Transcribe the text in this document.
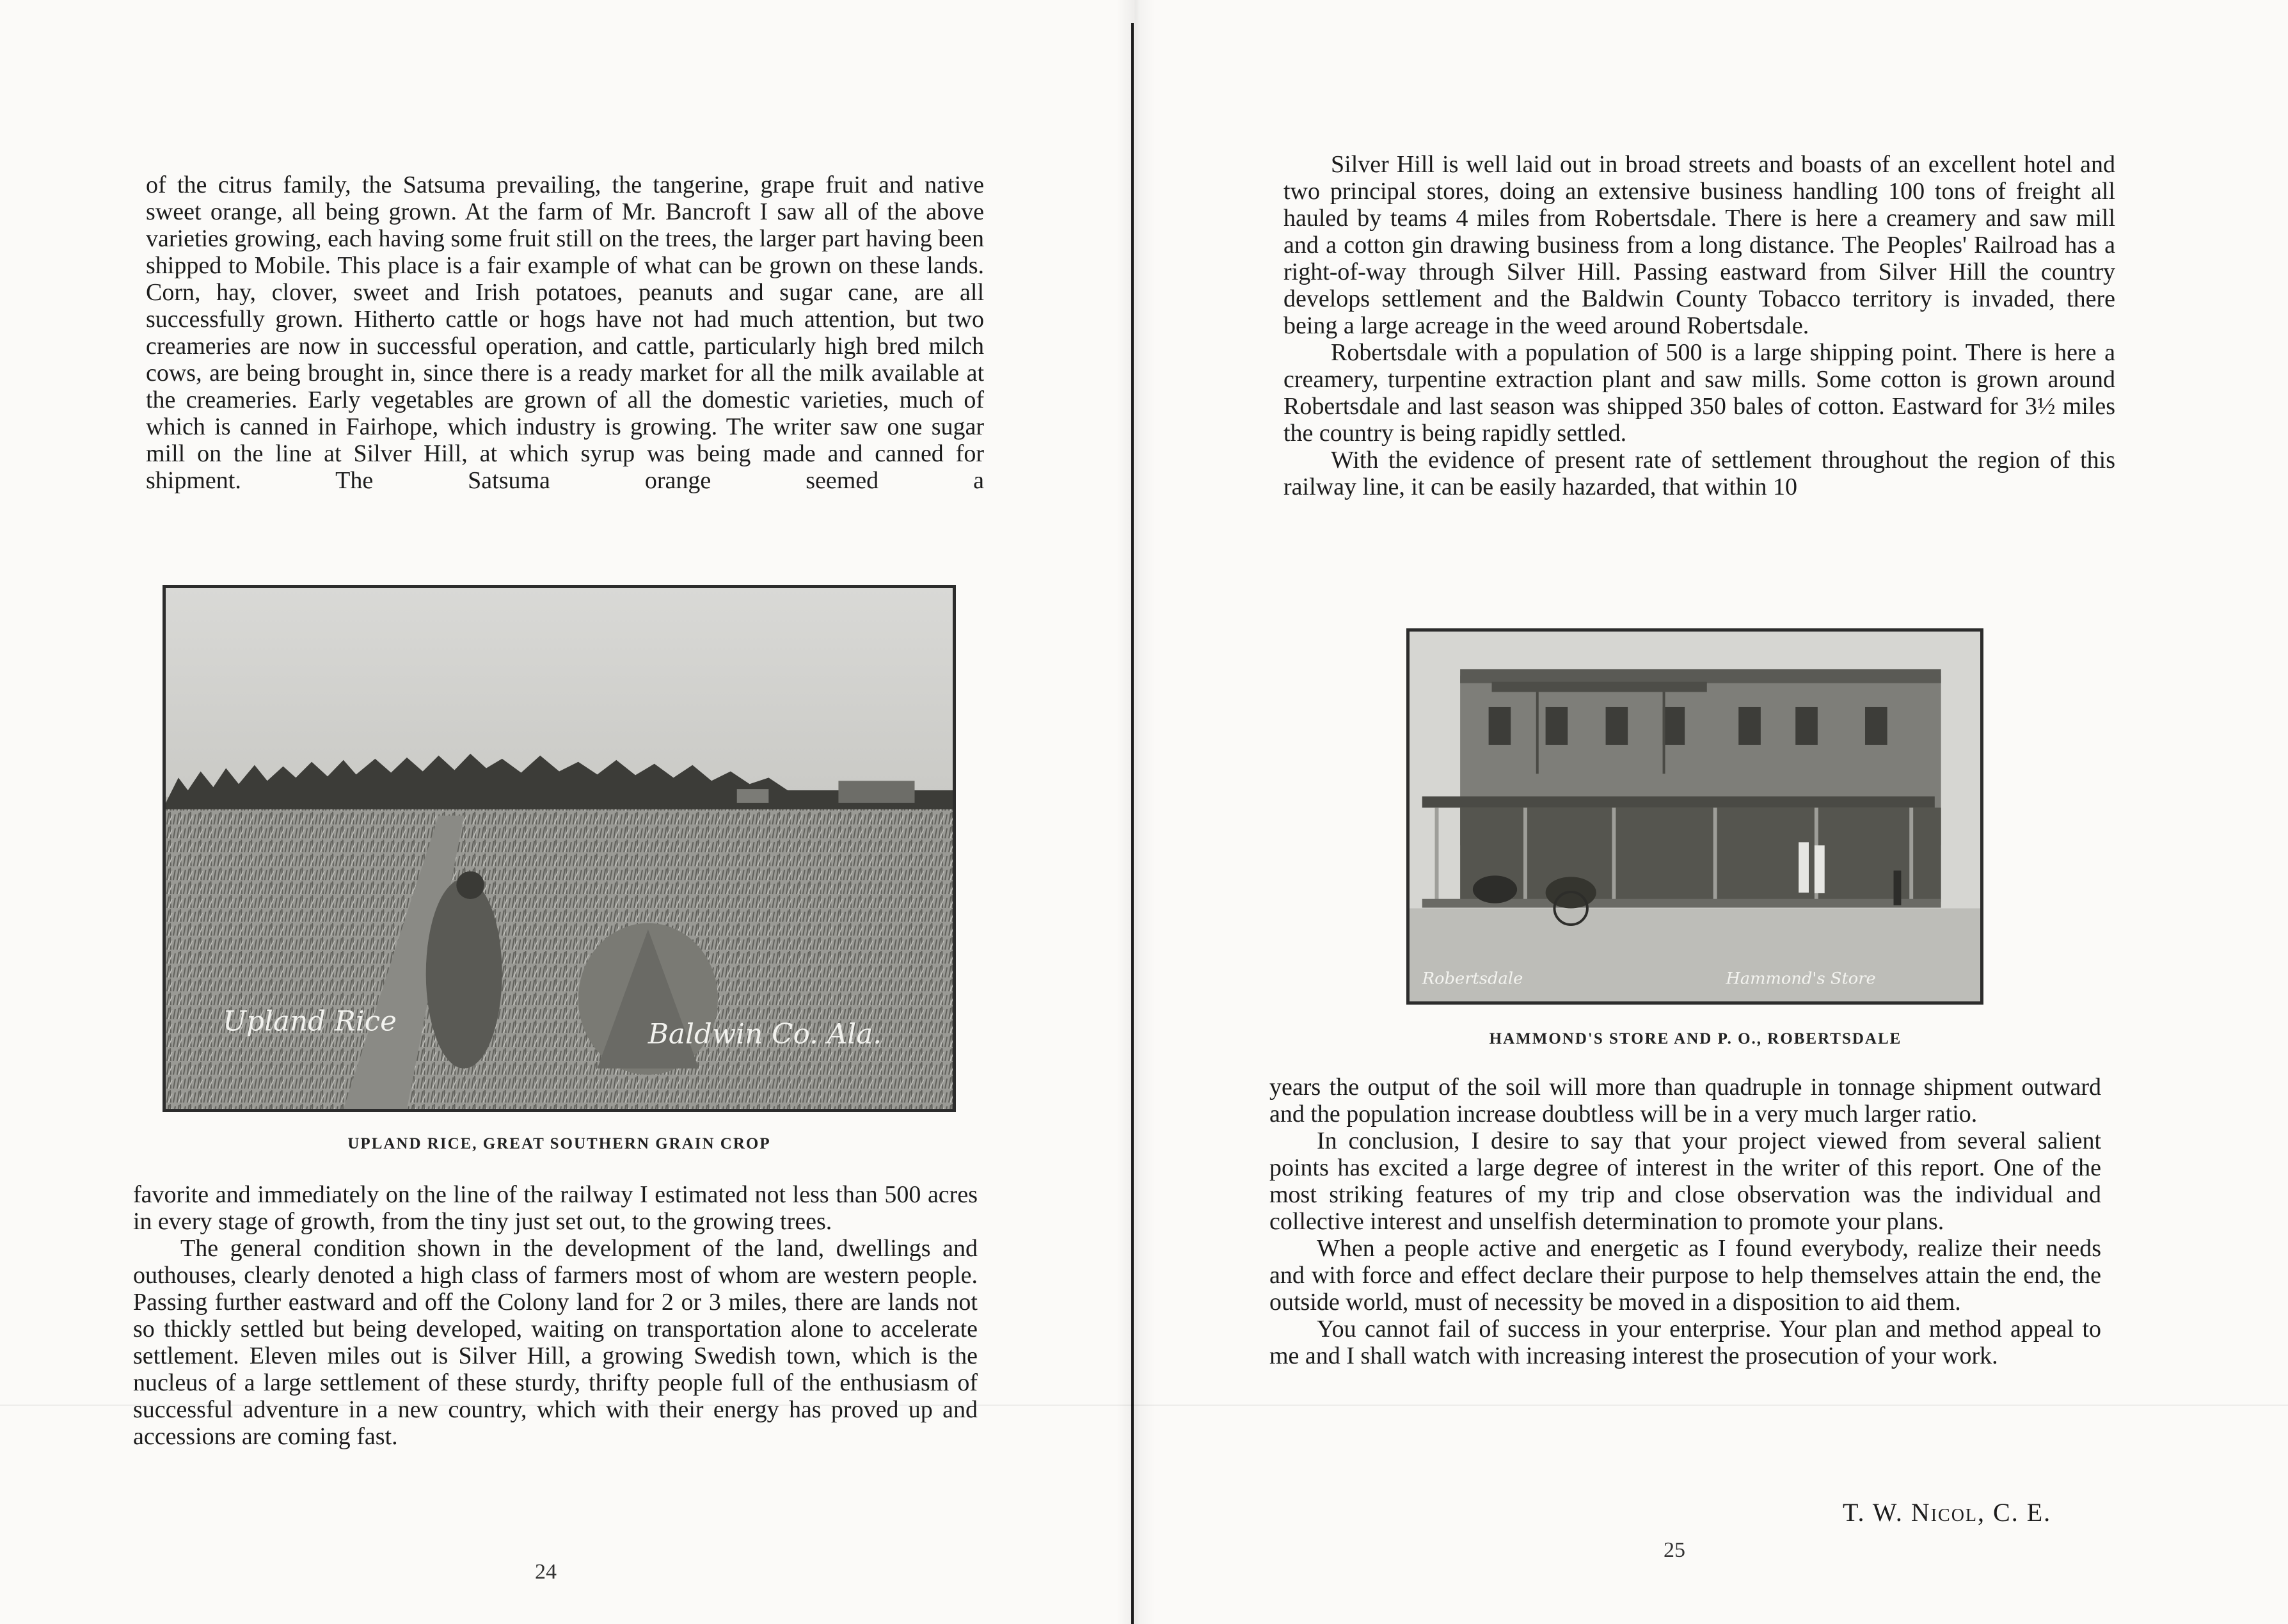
of the citrus family, the Satsuma prevailing, the tangerine, grape fruit and native sweet orange, all being grown. At the farm of Mr. Bancroft I saw all of the above varieties growing, each having some fruit still on the trees, the larger part having been shipped to Mobile. This place is a fair example of what can be grown on these lands. Corn, hay, clover, sweet and Irish potatoes, peanuts and sugar cane, are all successfully grown. Hitherto cattle or hogs have not had much attention, but two creameries are now in successful operation, and cattle, particularly high bred milch cows, are being brought in, since there is a ready market for all the milk available at the creameries. Early vegetables are grown of all the domestic varieties, much of which is canned in Fairhope, which industry is growing. The writer saw one sugar mill on the line at Silver Hill, at which syrup was being made and canned for shipment. The Satsuma orange seemed a

Upland Rice	Baldwin Co. Ala.
UPLAND RICE, GREAT SOUTHERN GRAIN CROP

favorite and immediately on the line of the railway I estimated not less than 500 acres in every stage of growth, from the tiny just set out, to the growing trees.

The general condition shown in the development of the land, dwellings and outhouses, clearly denoted a high class of farmers most of whom are western people. Passing further eastward and off the Colony land for 2 or 3 miles, there are lands not so thickly settled but being developed, waiting on transportation alone to accelerate settlement. Eleven miles out is Silver Hill, a growing Swedish town, which is the nucleus of a large settlement of these sturdy, thrifty people full of the enthusiasm of successful adventure in a new country, which with their energy has proved up and accessions are coming fast.

24

Silver Hill is well laid out in broad streets and boasts of an excellent hotel and two principal stores, doing an extensive business handling 100 tons of freight all hauled by teams 4 miles from Robertsdale. There is here a creamery and saw mill and a cotton gin drawing business from a long distance. The Peoples' Railroad has a right-of-way through Silver Hill. Passing eastward from Silver Hill the country develops settlement and the Baldwin County Tobacco territory is invaded, there being a large acreage in the weed around Robertsdale.

Robertsdale with a population of 500 is a large shipping point. There is here a creamery, turpentine extraction plant and saw mills. Some cotton is grown around Robertsdale and last season was shipped 350 bales of cotton. Eastward for 3½ miles the country is being rapidly settled.

With the evidence of present rate of settlement throughout the region of this railway line, it can be easily hazarded, that within 10

Robertsdale	Hammond's Store
HAMMOND'S STORE AND P. O., ROBERTSDALE

years the output of the soil will more than quadruple in tonnage shipment outward and the population increase doubtless will be in a very much larger ratio.

In conclusion, I desire to say that your project viewed from several salient points has excited a large degree of interest in the writer of this report. One of the most striking features of my trip and close observation was the individual and collective interest and unselfish determination to promote your plans.

When a people active and energetic as I found everybody, realize their needs and with force and effect declare their purpose to help themselves attain the end, the outside world, must of necessity be moved in a disposition to aid them.

You cannot fail of success in your enterprise. Your plan and method appeal to me and I shall watch with increasing interest the prosecution of your work.

T. W. Nicol, C. E.
25
